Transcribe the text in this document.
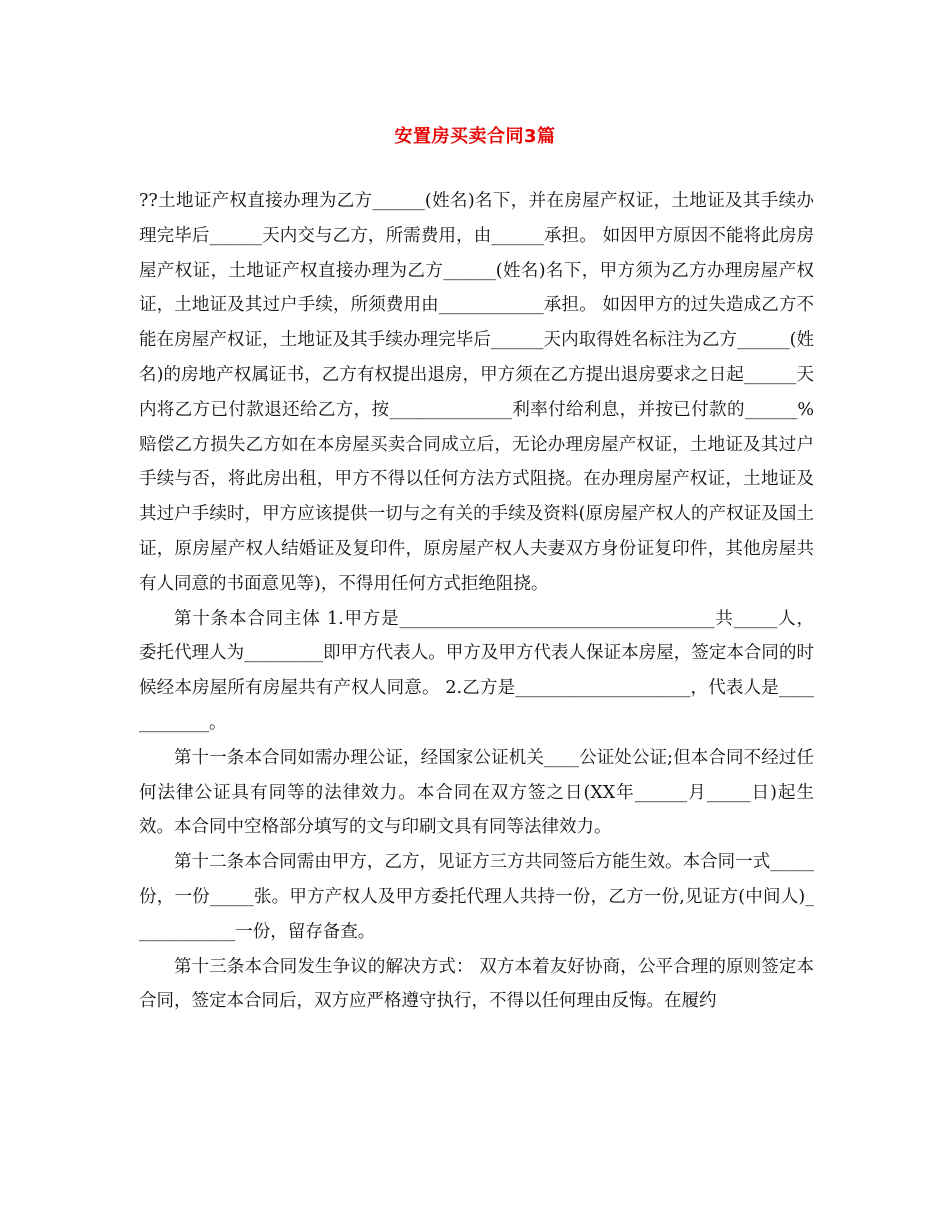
安置房买卖合同3篇

??土地证产权直接办理为乙方______(姓名)名下，并在房屋产权证，土地证及其手续办理完毕后______天内交与乙方，所需费用，由______承担。 如因甲方原因不能将此房房屋产权证，土地证产权直接办理为乙方______(姓名)名下，甲方须为乙方办理房屋产权证，土地证及其过户手续，所须费用由____________承担。 如因甲方的过失造成乙方不能在房屋产权证，土地证及其手续办理完毕后______天内取得姓名标注为乙方______(姓名)的房地产权属证书，乙方有权提出退房，甲方须在乙方提出退房要求之日起______天内将乙方已付款退还给乙方，按______________利率付给利息，并按已付款的______%赔偿乙方损失乙方如在本房屋买卖合同成立后，无论办理房屋产权证，土地证及其过户手续与否，将此房出租，甲方不得以任何方法方式阻挠。在办理房屋产权证，土地证及其过户手续时，甲方应该提供一切与之有关的手续及资料(原房屋产权人的产权证及国土证，原房屋产权人结婚证及复印件，原房屋产权人夫妻双方身份证复印件，其他房屋共有人同意的书面意见等)，不得用任何方式拒绝阻挠。

第十条本合同主体 1.甲方是____________________________________共_____人，委托代理人为_________即甲方代表人。甲方及甲方代表人保证本房屋，签定本合同的时候经本房屋所有房屋共有产权人同意。 2.乙方是____________________，代表人是____________。

第十一条本合同如需办理公证，经国家公证机关____公证处公证;但本合同不经过任何法律公证具有同等的法律效力。本合同在双方签之日(XX年______月_____日)起生效。本合同中空格部分填写的文与印刷文具有同等法律效力。

第十二条本合同需由甲方，乙方，见证方三方共同签后方能生效。本合同一式_____份，一份_____张。甲方产权人及甲方委托代理人共持一份，乙方一份,见证方(中间人)____________一份，留存备查。

第十三条本合同发生争议的解决方式： 双方本着友好协商，公平合理的原则签定本合同，签定本合同后，双方应严格遵守执行，不得以任何理由反悔。在履约
